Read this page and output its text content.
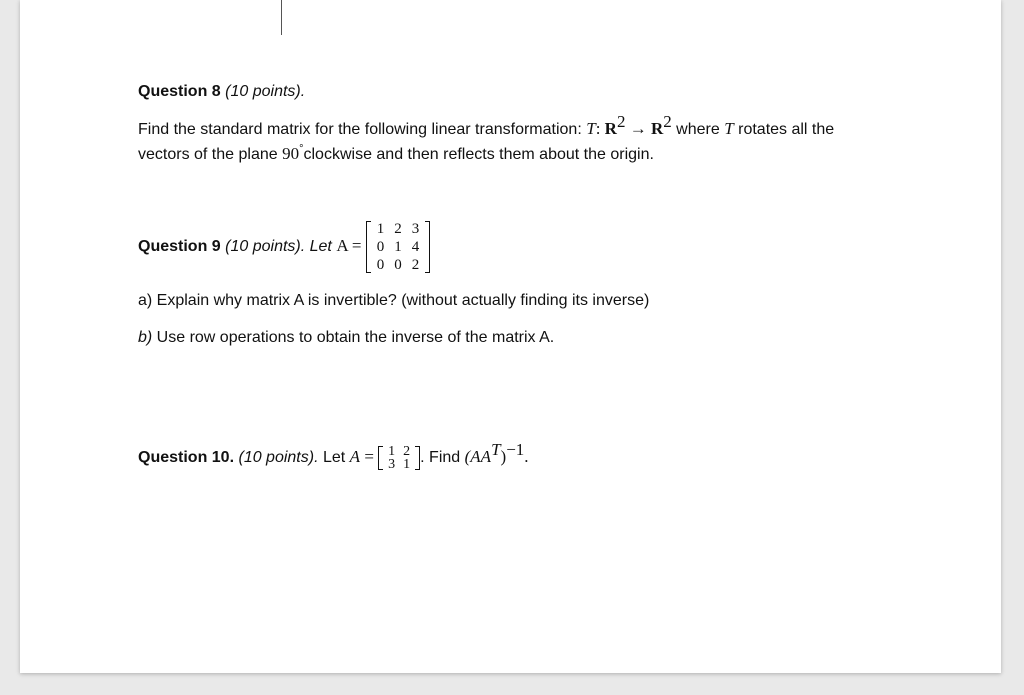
Question 8 (10 points).
Find the standard matrix for the following linear transformation: T: $R^2 \to R^2$ where T rotates all the
vectors of the plane 90°clockwise and then reflects them about the origin.
Question 9 (10 points). Let A =
1	2	3
0	1	4
0	0	2
a) Explain why matrix A is invertible? (without actually finding its inverse)
b) Use row operations to obtain the inverse of the matrix A.
Question 10. (10 points). Let A = 1	2
3	1 . Find $(AA^T)^{-1}$.
